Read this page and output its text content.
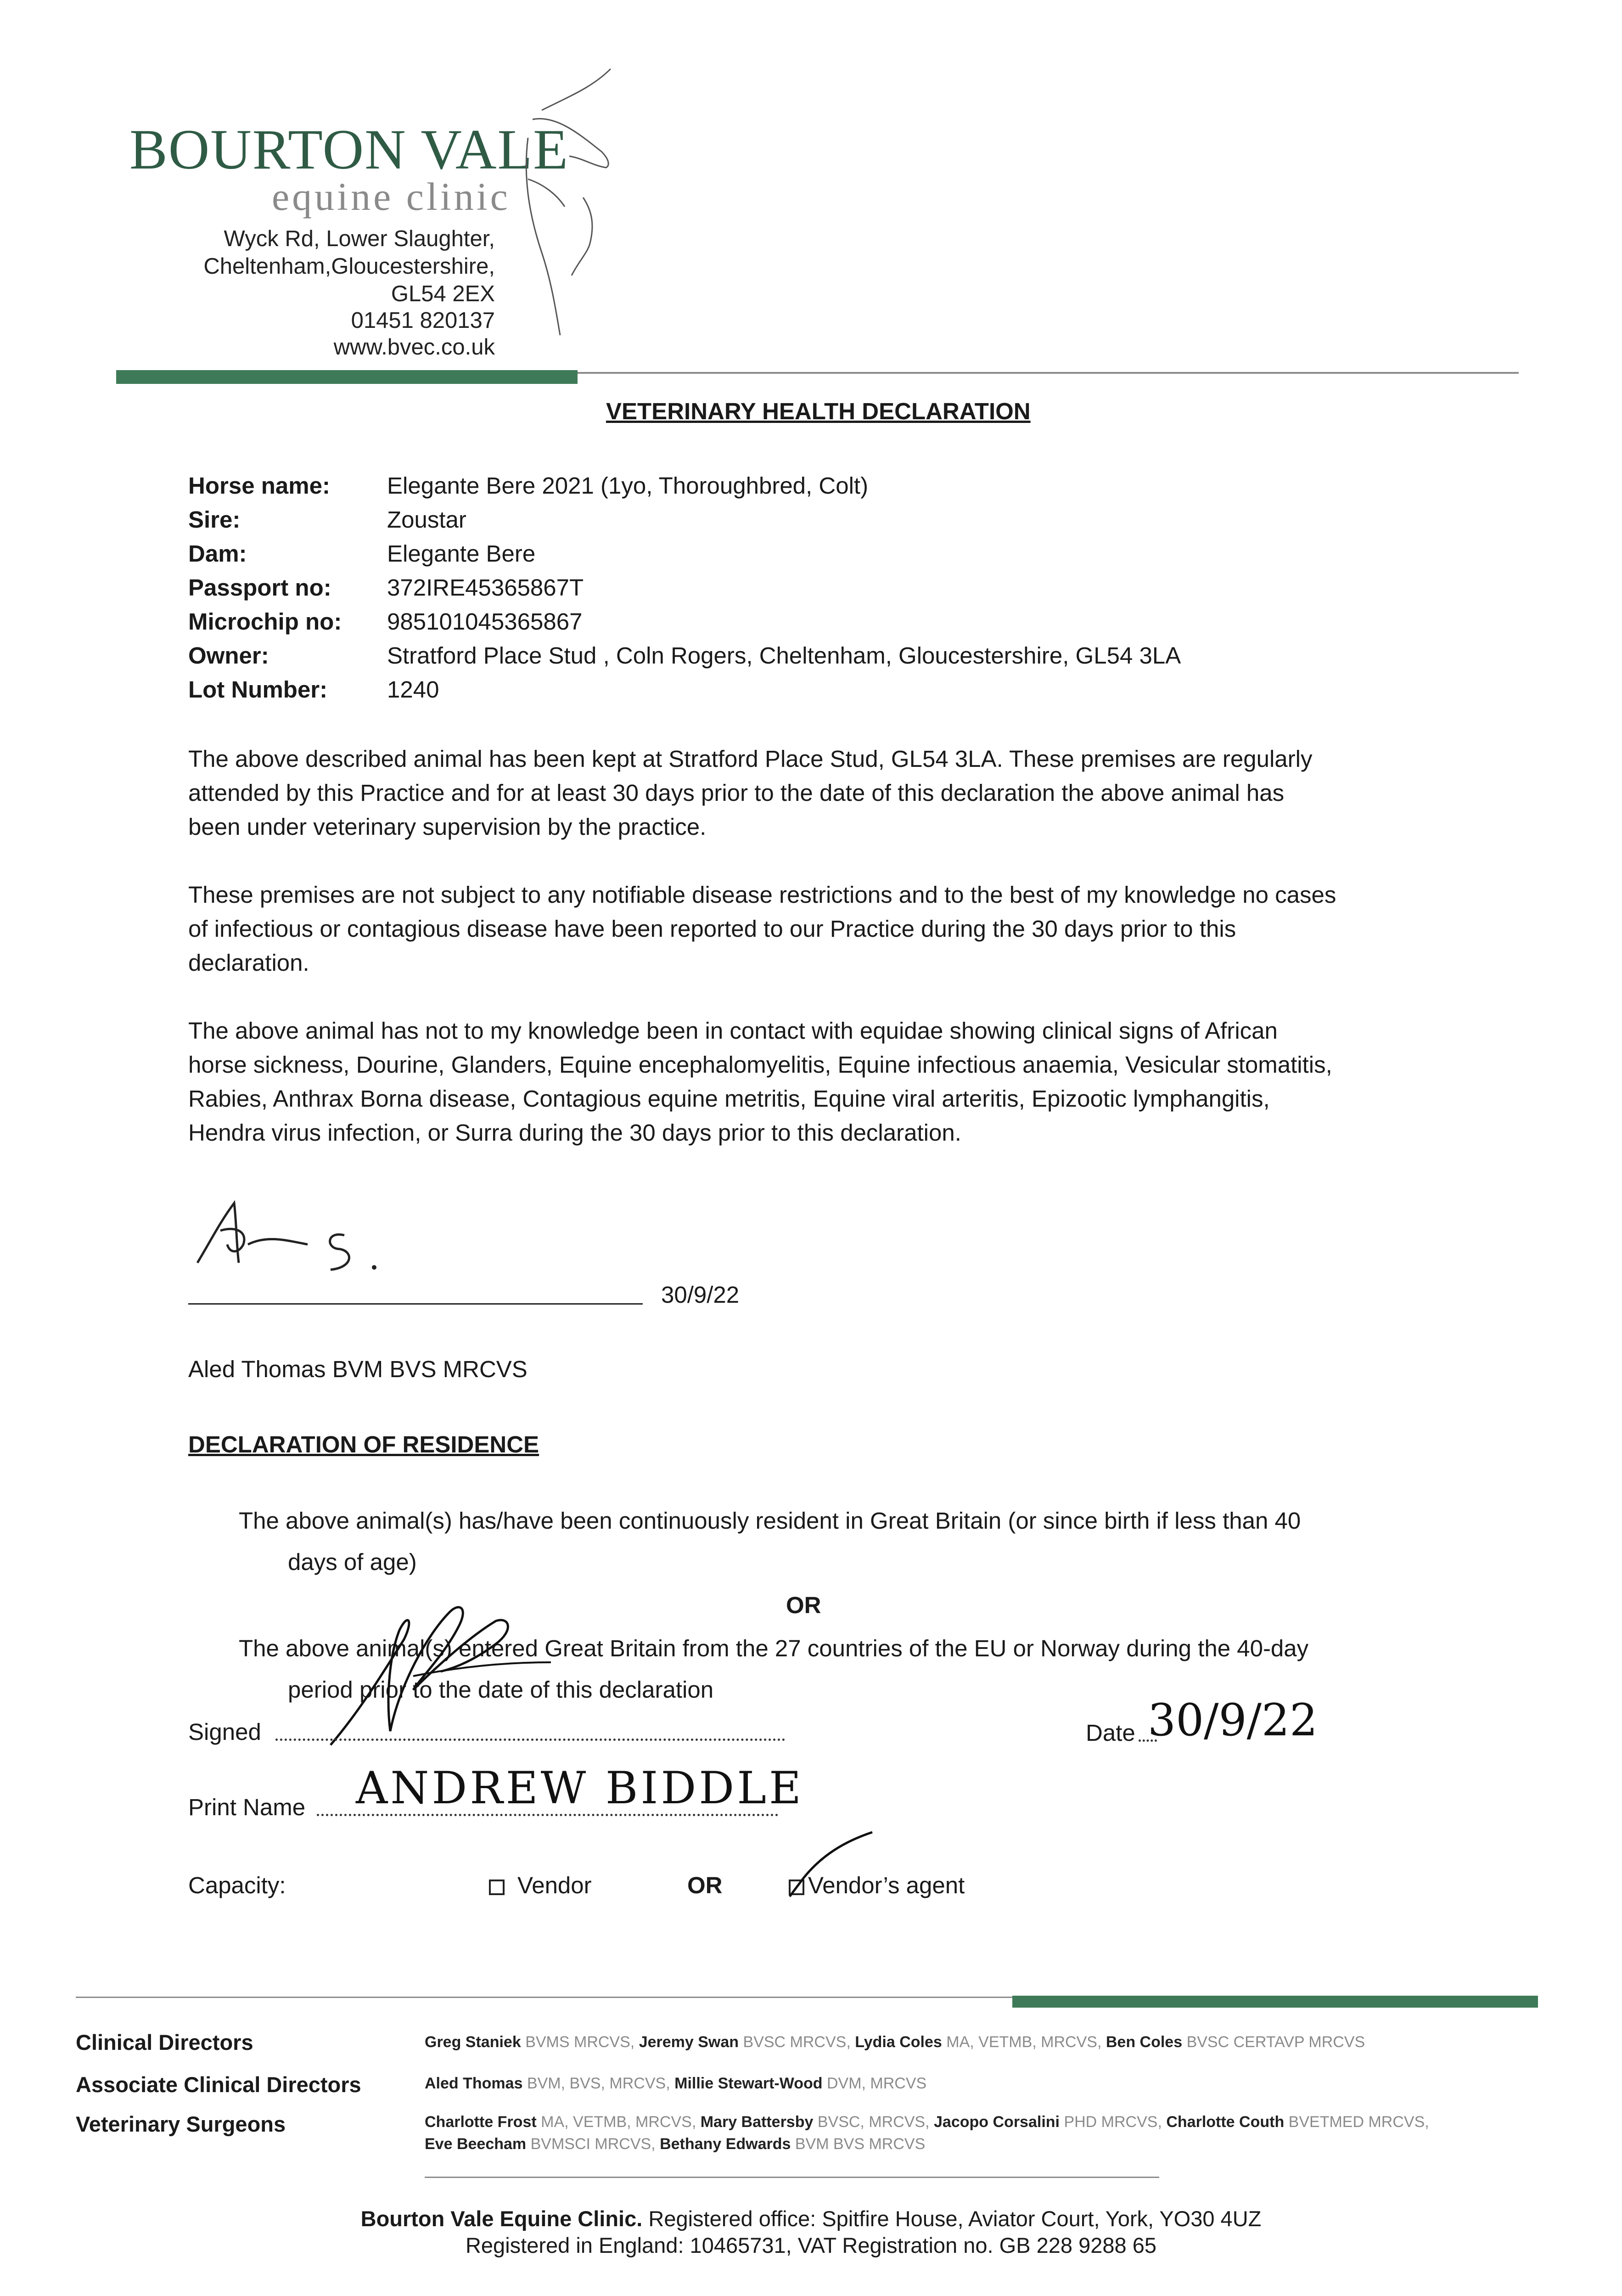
BOURTON VALE
equine clinic
Wyck Rd, Lower Slaughter,
Cheltenham,Gloucestershire,
GL54 2EX
01451 820137
www.bvec.co.uk
VETERINARY HEALTH DECLARATION
Horse name: Elegante Bere 2021 (1yo, Thoroughbred, Colt)
Sire:	Zoustar
Dam:	Elegante Bere
Passport no: 372IRE45365867T
Microchip no: 985101045365867
Owner:	Stratford Place Stud , Coln Rogers, Cheltenham, Gloucestershire, GL54 3LA
Lot Number:	1240
The above described animal has been kept at Stratford Place Stud, GL54 3LA. These premises are regularly
attended by this Practice and for at least 30 days prior to the date of this declaration the above animal has
been under veterinary supervision by the practice.
These premises are not subject to any notifiable disease restrictions and to the best of my knowledge no cases
of infectious or contagious disease have been reported to our Practice during the 30 days prior to this
declaration.
The above animal has not to my knowledge been in contact with equidae showing clinical signs of African
horse sickness, Dourine, Glanders, Equine encephalomyelitis, Equine infectious anaemia, Vesicular stomatitis,
Rabies, Anthrax Borna disease, Contagious equine metritis, Equine viral arteritis, Epizootic lymphangitis,
Hendra virus infection, or Surra during the 30 days prior to this declaration.
30/9/22
Aled Thomas BVM BVS MRCVS
DECLARATION OF RESIDENCE
The above animal(s) has/have been continuously resident in Great Britain (or since birth if less than 40
days of age)
OR
The above animal(s) entered Great Britain from the 27 countries of the EU or Norway during the 40-day
period prior to the date of this declaration
Signed	Date 30/9/22
Print Name ANDREW BIDDLE
Capacity:	Vendor	OR	Vendor’s agent
Clinical Directors	Greg Staniek BVMS MRCVS, Jeremy Swan BVSC MRCVS, Lydia Coles MA, VETMB, MRCVS, Ben Coles BVSC CERTAVP MRCVS
Associate Clinical Directors	Aled Thomas BVM, BVS, MRCVS, Millie Stewart-Wood DVM, MRCVS
Veterinary Surgeons	Charlotte Frost MA, VETMB, MRCVS, Mary Battersby BVSC, MRCVS, Jacopo Corsalini PHD MRCVS, Charlotte Couth BVETMED MRCVS,
Eve Beecham BVMSCI MRCVS, Bethany Edwards BVM BVS MRCVS
Bourton Vale Equine Clinic. Registered office: Spitfire House, Aviator Court, York, YO30 4UZ
Registered in England: 10465731, VAT Registration no. GB 228 9288 65
